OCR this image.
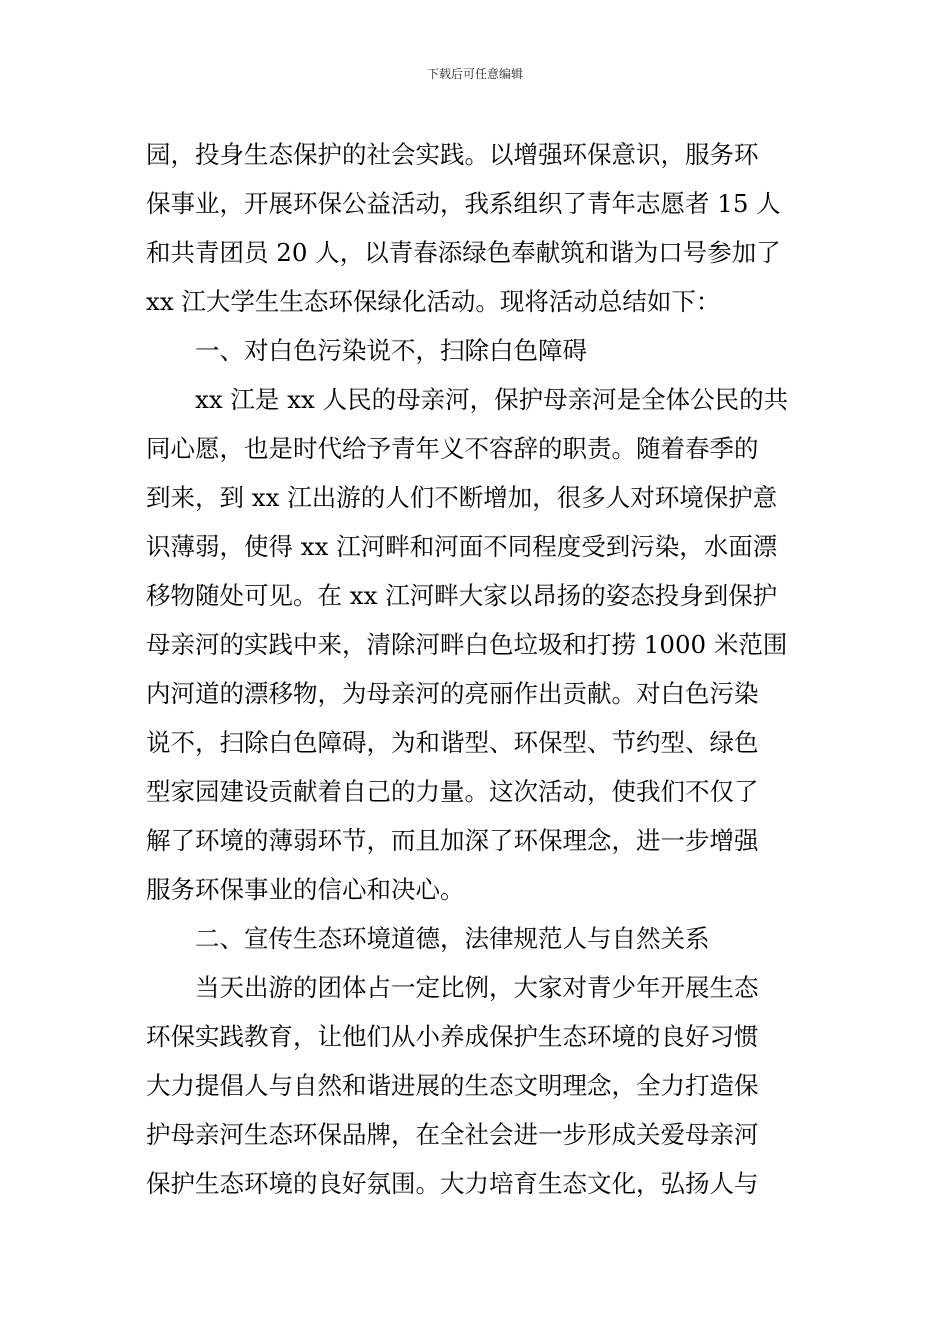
下载后可任意编辑
园，投身生态保护的社会实践。以增强环保意识，服务环
保事业，开展环保公益活动，我系组织了青年志愿者 15 人
和共青团员 20 人，以青春添绿色奉献筑和谐为口号参加了
xx 江大学生生态环保绿化活动。现将活动总结如下：
一、对白色污染说不，扫除白色障碍
xx 江是 xx 人民的母亲河，保护母亲河是全体公民的共
同心愿，也是时代给予青年义不容辞的职责。随着春季的
到来，到 xx 江出游的人们不断增加，很多人对环境保护意
识薄弱，使得 xx 江河畔和河面不同程度受到污染，水面漂
移物随处可见。在 xx 江河畔大家以昂扬的姿态投身到保护
母亲河的实践中来，清除河畔白色垃圾和打捞 1000 米范围
内河道的漂移物，为母亲河的亮丽作出贡献。对白色污染
说不，扫除白色障碍，为和谐型、环保型、节约型、绿色
型家园建设贡献着自己的力量。这次活动，使我们不仅了
解了环境的薄弱环节，而且加深了环保理念，进一步增强
服务环保事业的信心和决心。
二、宣传生态环境道德，法律规范人与自然关系
当天出游的团体占一定比例，大家对青少年开展生态
环保实践教育，让他们从小养成保护生态环境的良好习惯
大力提倡人与自然和谐进展的生态文明理念，全力打造保
护母亲河生态环保品牌，在全社会进一步形成关爱母亲河
保护生态环境的良好氛围。大力培育生态文化，弘扬人与
